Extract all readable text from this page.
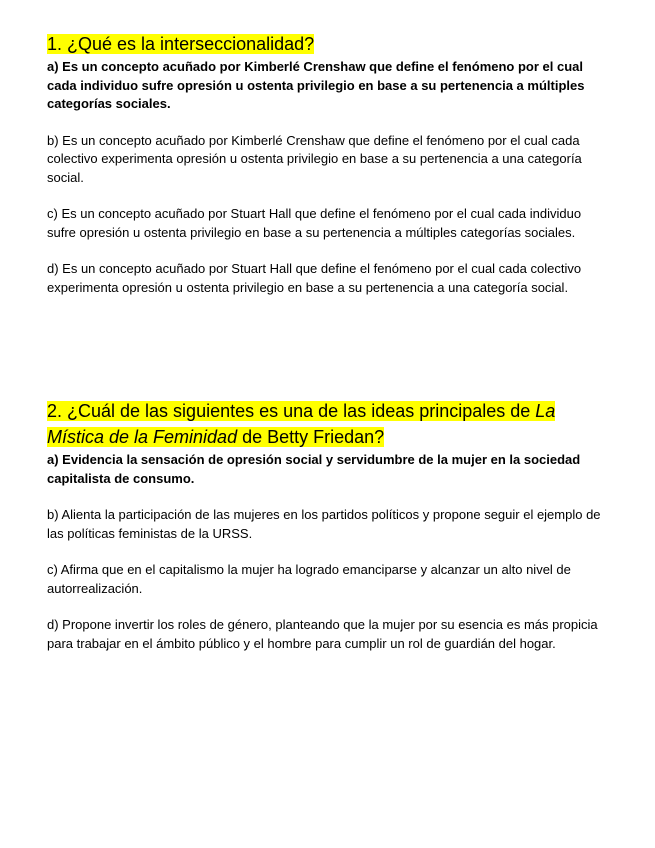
1. ¿Qué es la interseccionalidad?

a) Es un concepto acuñado por Kimberlé Crenshaw que define el fenómeno por el cual cada individuo sufre opresión u ostenta privilegio en base a su pertenencia a múltiples categorías sociales.

b) Es un concepto acuñado por Kimberlé Crenshaw que define el fenómeno por el cual cada colectivo experimenta opresión u ostenta privilegio en base a su pertenencia a una categoría social.

c) Es un concepto acuñado por Stuart Hall que define el fenómeno por el cual cada individuo sufre opresión u ostenta privilegio en base a su pertenencia a múltiples categorías sociales.

d) Es un concepto acuñado por Stuart Hall que define el fenómeno por el cual cada colectivo experimenta opresión u ostenta privilegio en base a su pertenencia a una categoría social.

2. ¿Cuál de las siguientes es una de las ideas principales de La Mística de la Feminidad de Betty Friedan?

a) Evidencia la sensación de opresión social y servidumbre de la mujer en la sociedad capitalista de consumo.

b) Alienta la participación de las mujeres en los partidos políticos y propone seguir el ejemplo de las políticas feministas de la URSS.

c) Afirma que en el capitalismo la mujer ha logrado emanciparse y alcanzar un alto nivel de autorrealización.

d) Propone invertir los roles de género, planteando que la mujer por su esencia es más propicia para trabajar en el ámbito público y el hombre para cumplir un rol de guardián del hogar.
